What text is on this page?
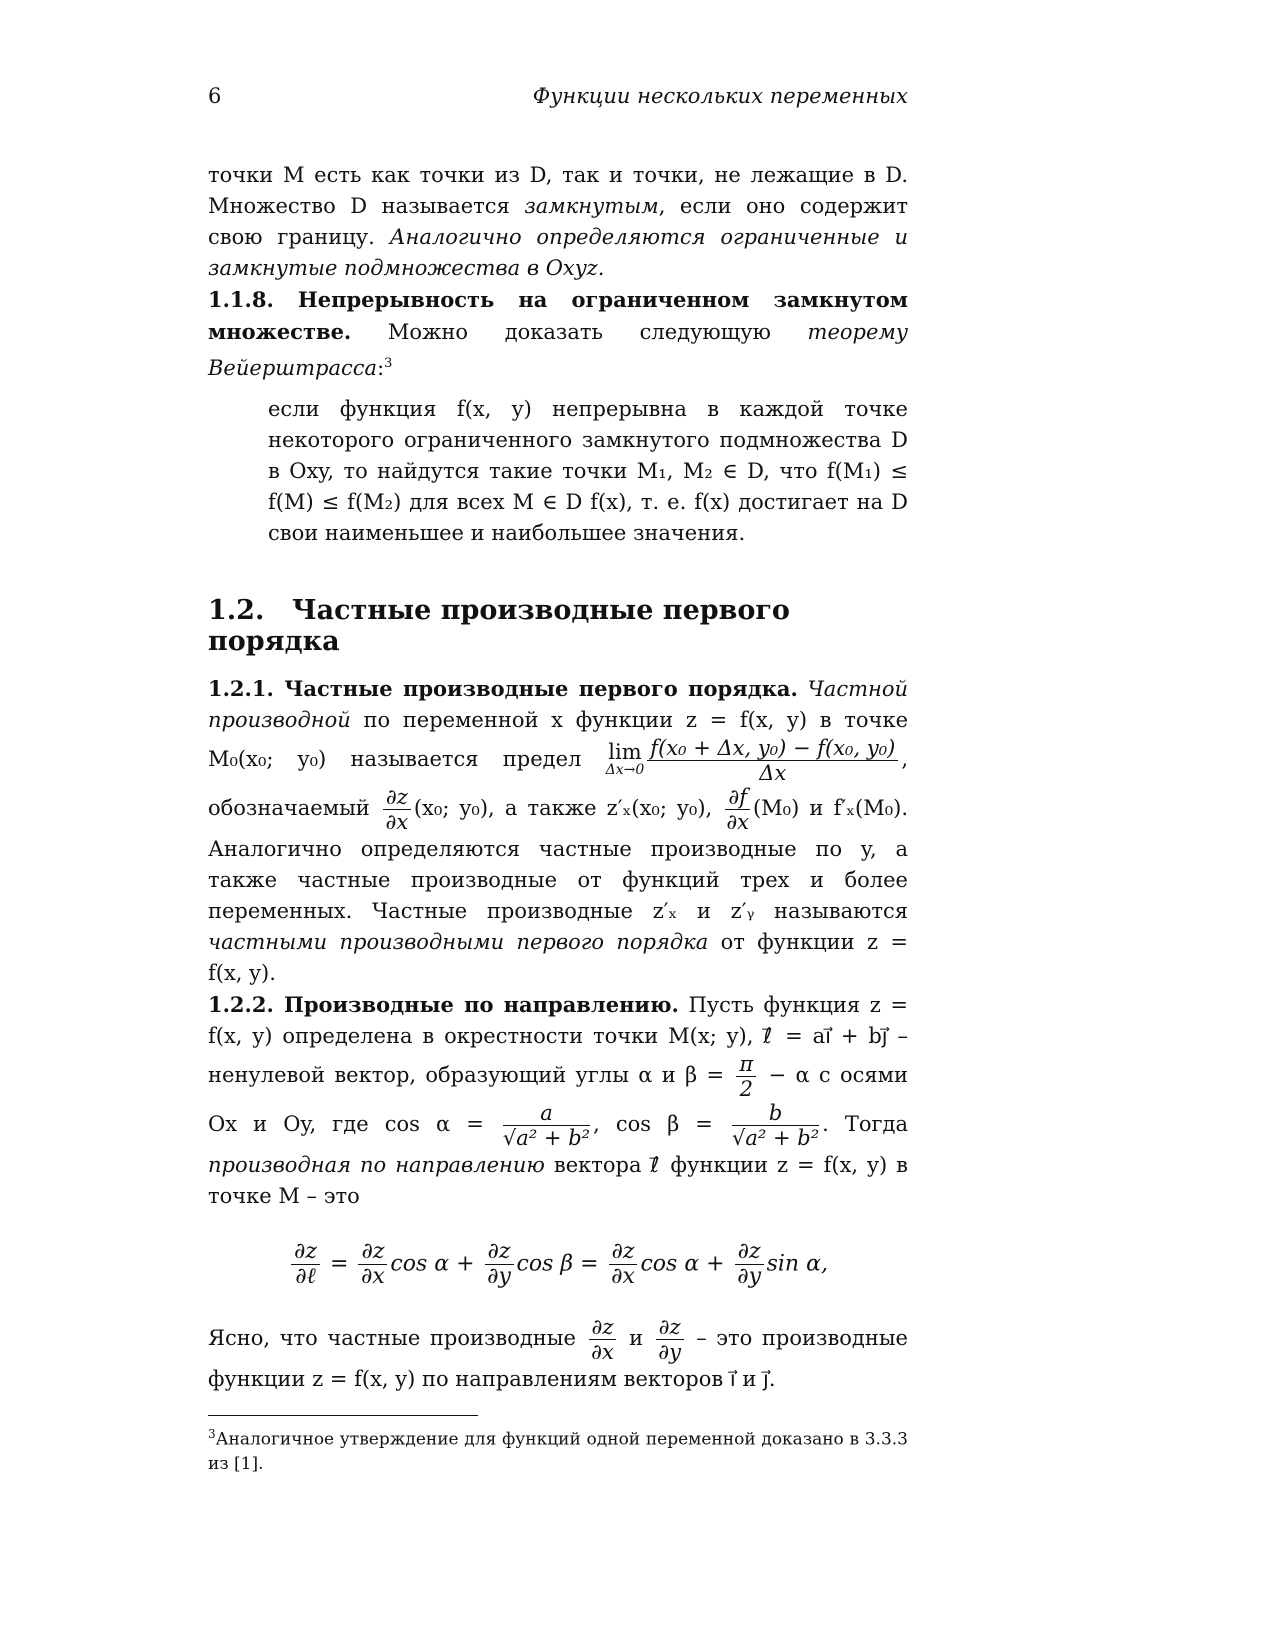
6	Функции нескольких переменных

точки M есть как точки из D, так и точки, не лежащие в D. Множество D называется замкнутым, если оно содержит свою границу. Аналогично определяются ограниченные и замкнутые подмножества в Oxyz.

1.1.8. Непрерывность на ограниченном замкнутом множестве. Можно доказать следующую теорему Вейерштрасса:$^3$

если функция f(x, y) непрерывна в каждой точке некоторого ограниченного замкнутого подмножества D в Oxy, то найдутся такие точки M₁, M₂ ∈ D, что f(M₁) ≤ f(M) ≤ f(M₂) для всех M ∈ D f(x), т. е. f(x) достигает на D свои наименьшее и наибольшее значения.

1.2. Частные производные первого порядка

1.2.1. Частные производные первого порядка. Частной производной по переменной x функции z = f(x, y) в точке M₀(x₀; y₀) называется предел lim
$\Delta x\to 0 \frac{\text{f(x₀ + Δx, y₀) − f(x₀, y₀)}}{\Delta x}$ , обозначаемый $\frac{\partial z}{\partial x} (x_0$; y₀), а также z′ₓ(x₀; y₀), $\frac{\partial f}{\partial x} (M_0)$ и f′ₓ(M₀). Аналогично определяются частные производные по y, а также частные производные от функций трех и более переменных. Частные производные z′ₓ и z′ᵧ называются частными производными первого порядка от функции z = f(x, y).

1.2.2. Производные по направлению. Пусть функция z = f(x, y) определена в окрестности точки M(x; y), ℓ⃗ = aı⃗ + bȷ⃗ – ненулевой вектор, образующий углы α и $\beta = \frac{\pi}{2} - \alpha$ с осями Ox и Oy, где $\cos \alpha = \frac{a}{\text{√a² + b²}}$ , $\cos \beta = \frac{b}{\text{√a² + b²}}$ . Тогда производная по направлению вектора ℓ⃗ функции z = f(x, y) в точке M – это

$\frac{\partial z}{\text{∂ℓ}} = \frac{\partial z}{\partial x}$ $\cos \alpha + \frac{\partial z}{\partial y}$ $\cos \beta = \frac{\partial z}{\partial x}$ $\cos \alpha + \frac{\partial z}{\partial y}$ sin α,

Ясно, что частные производные $\frac{\partial z}{\partial x}$ и $\frac{\partial z}{\partial y}$ – это производные функции z = f(x, y) по направлениям векторов ı⃗ и ȷ⃗.

$^3$Аналогичное утверждение для функций одной переменной доказано в 3.3.3 из [1].
